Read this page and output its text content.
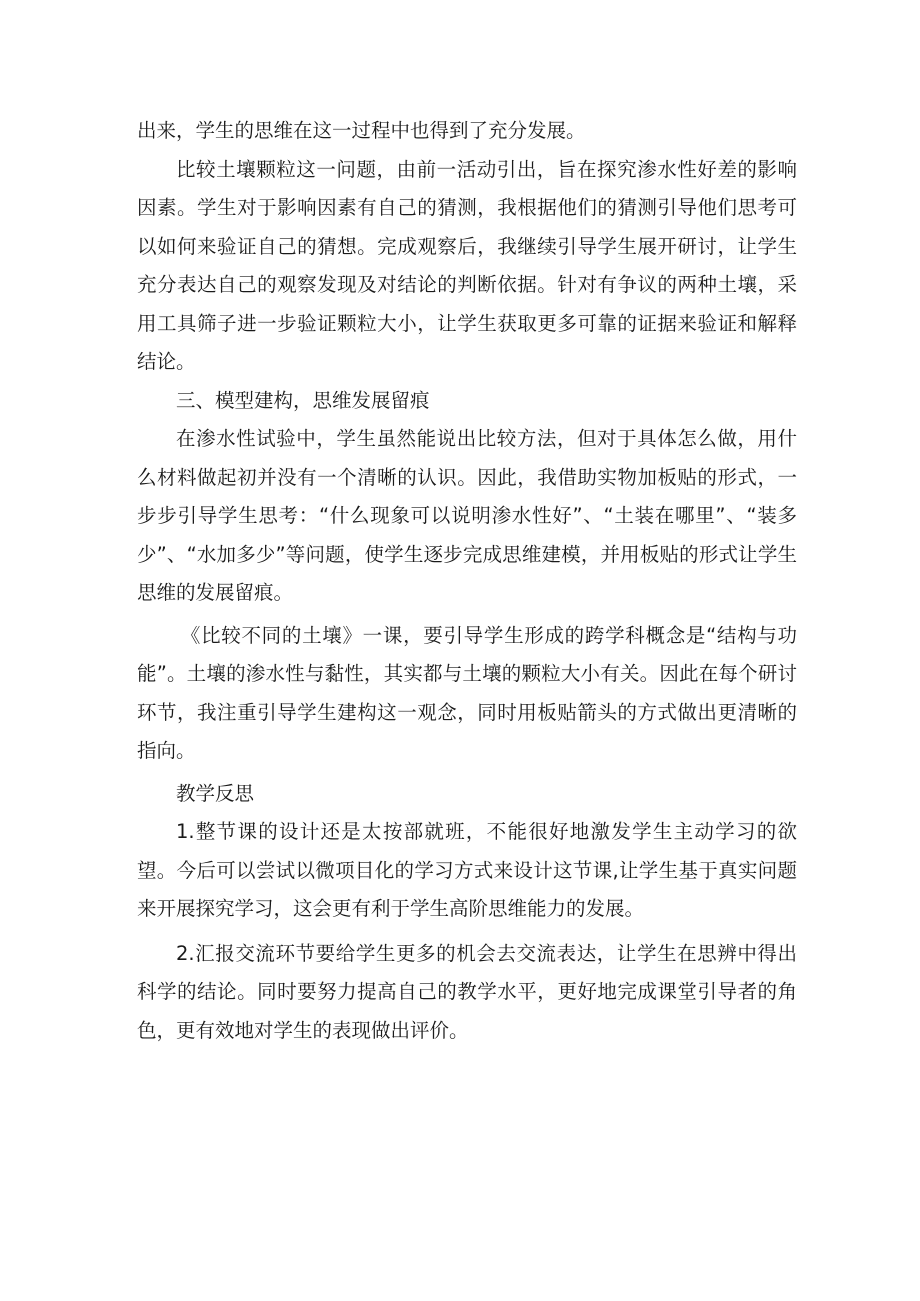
出来，学生的思维在这一过程中也得到了充分发展。

比较土壤颗粒这一问题，由前一活动引出，旨在探究渗水性好差的影响因素。学生对于影响因素有自己的猜测，我根据他们的猜测引导他们思考可以如何来验证自己的猜想。完成观察后，我继续引导学生展开研讨，让学生充分表达自己的观察发现及对结论的判断依据。针对有争议的两种土壤，采用工具筛子进一步验证颗粒大小，让学生获取更多可靠的证据来验证和解释结论。

三、模型建构，思维发展留痕

在渗水性试验中，学生虽然能说出比较方法，但对于具体怎么做，用什么材料做起初并没有一个清晰的认识。因此，我借助实物加板贴的形式，一步步引导学生思考：“什么现象可以说明渗水性好”、“土装在哪里”、“装多少”、“水加多少”等问题，使学生逐步完成思维建模，并用板贴的形式让学生思维的发展留痕。

《比较不同的土壤》一课，要引导学生形成的跨学科概念是“结构与功能”。土壤的渗水性与黏性，其实都与土壤的颗粒大小有关。因此在每个研讨环节，我注重引导学生建构这一观念，同时用板贴箭头的方式做出更清晰的指向。

教学反思

1.整节课的设计还是太按部就班，不能很好地激发学生主动学习的欲望。今后可以尝试以微项目化的学习方式来设计这节课,让学生基于真实问题来开展探究学习，这会更有利于学生高阶思维能力的发展。

2.汇报交流环节要给学生更多的机会去交流表达，让学生在思辨中得出科学的结论。同时要努力提高自己的教学水平，更好地完成课堂引导者的角色，更有效地对学生的表现做出评价。
